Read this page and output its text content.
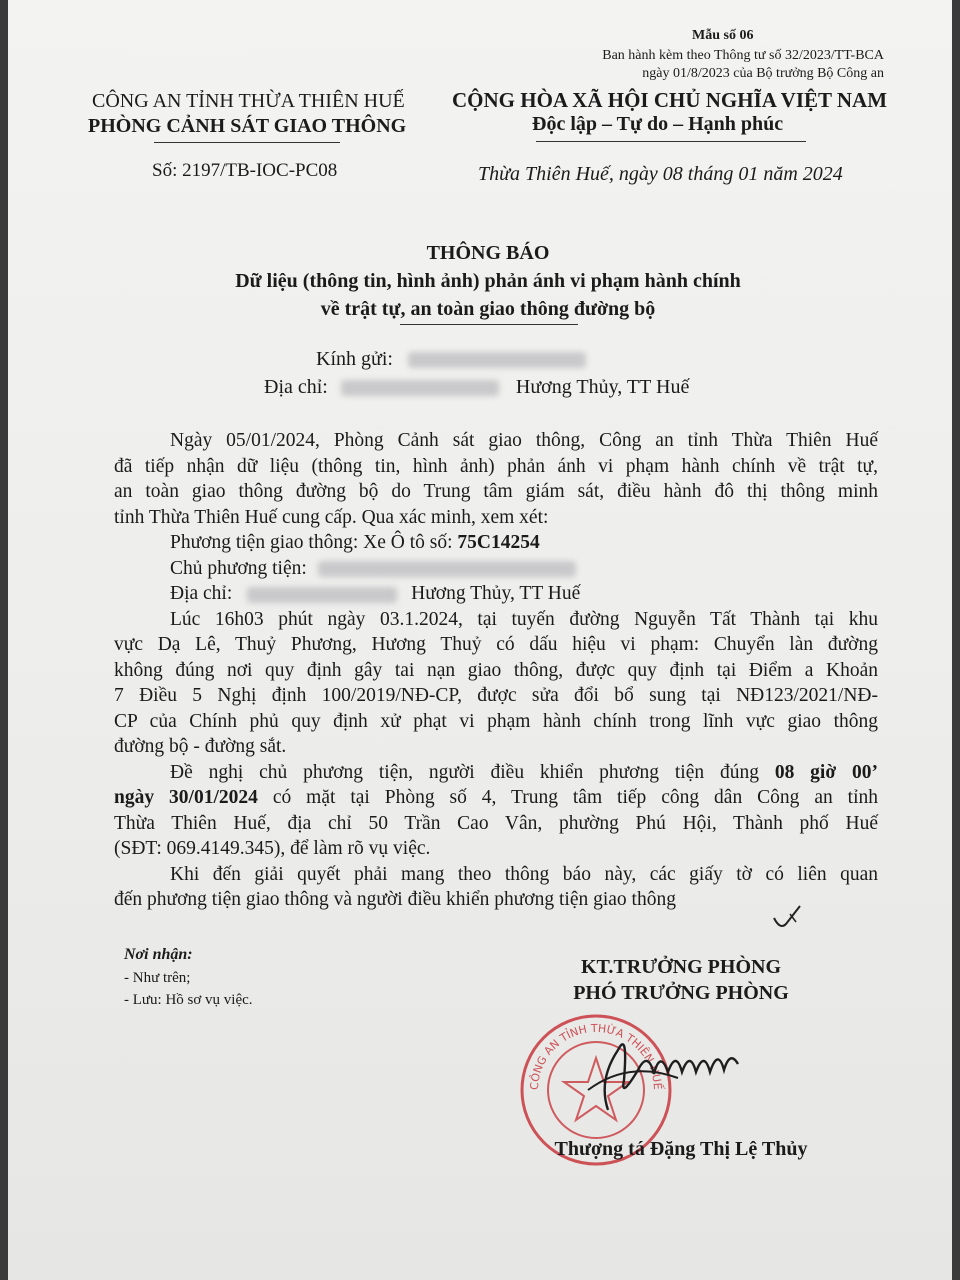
Mẫu số 06
Ban hành kèm theo Thông tư số 32/2023/TT-BCA
ngày 01/8/2023 của Bộ trưởng Bộ Công an
CÔNG AN TỈNH THỪA THIÊN HUẾ
PHÒNG CẢNH SÁT GIAO THÔNG
Số: 2197/TB-IOC-PC08
CỘNG HÒA XÃ HỘI CHỦ NGHĨA VIỆT NAM
Độc lập – Tự do – Hạnh phúc
Thừa Thiên Huế, ngày 08 tháng 01 năm 2024
THÔNG BÁO
Dữ liệu (thông tin, hình ảnh) phản ánh vi phạm hành chính
về trật tự, an toàn giao thông đường bộ
Kính gửi:
Địa chỉ:	Hương Thủy, TT Huế

Ngày 05/01/2024, Phòng Cảnh sát giao thông, Công an tỉnh Thừa Thiên Huế

đã tiếp nhận dữ liệu (thông tin, hình ảnh) phản ánh vi phạm hành chính về trật tự,

an toàn giao thông đường bộ do Trung tâm giám sát, điều hành đô thị thông minh

tỉnh Thừa Thiên Huế cung cấp. Qua xác minh, xem xét:

Phương tiện giao thông: Xe Ô tô số: 75C14254

Chủ phương tiện:

Địa chỉ:	Hương Thủy, TT Huế

Lúc 16h03 phút ngày 03.1.2024, tại tuyến đường Nguyễn Tất Thành tại khu

vực Dạ Lê, Thuỷ Phương, Hương Thuỷ có dấu hiệu vi phạm: Chuyển làn đường

không đúng nơi quy định gây tai nạn giao thông, được quy định tại Điểm a Khoản

7 Điều 5 Nghị định 100/2019/NĐ-CP, được sửa đổi bổ sung tại NĐ123/2021/NĐ-

CP của Chính phủ quy định xử phạt vi phạm hành chính trong lĩnh vực giao thông

đường bộ - đường sắt.

Đề nghị chủ phương tiện, người điều khiển phương tiện đúng 08 giờ 00’

ngày 30/01/2024 có mặt tại Phòng số 4, Trung tâm tiếp công dân Công an tỉnh

Thừa Thiên Huế, địa chỉ 50 Trần Cao Vân, phường Phú Hội, Thành phố Huế

(SĐT: 069.4149.345), để làm rõ vụ việc.

Khi đến giải quyết phải mang theo thông báo này, các giấy tờ có liên quan

đến phương tiện giao thông và người điều khiển phương tiện giao thông

Nơi nhận:
- Như trên;
- Lưu: Hồ sơ vụ việc.
KT.TRƯỞNG PHÒNG
PHÓ TRƯỞNG PHÒNG
CÔNG AN TỈNH THỪA THIÊN HUẾ
Thượng tá Đặng Thị Lệ Thủy
